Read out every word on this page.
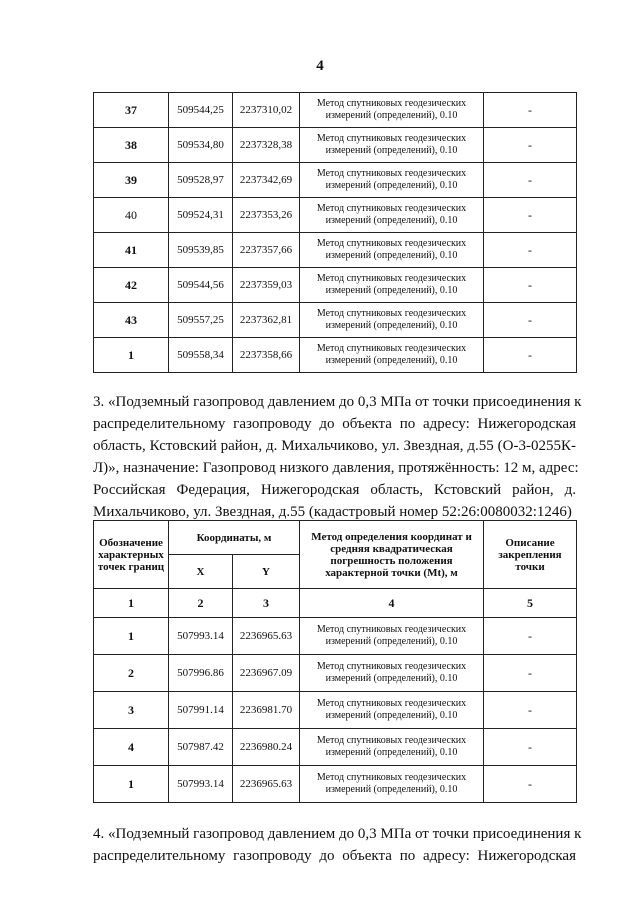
4
37	509544,25	2237310,02	Метод спутниковых геодезических измерений (определений), 0.10	-
38	509534,80	2237328,38	Метод спутниковых геодезических измерений (определений), 0.10	-
39	509528,97	2237342,69	Метод спутниковых геодезических измерений (определений), 0.10	-
40	509524,31	2237353,26	Метод спутниковых геодезических измерений (определений), 0.10	-
41	509539,85	2237357,66	Метод спутниковых геодезических измерений (определений), 0.10	-
42	509544,56	2237359,03	Метод спутниковых геодезических измерений (определений), 0.10	-
43	509557,25	2237362,81	Метод спутниковых геодезических измерений (определений), 0.10	-
1	509558,34	2237358,66	Метод спутниковых геодезических измерений (определений), 0.10	-
3. «Подземный газопровод давлением до 0,3 МПа от точки присоединения к
распределительному газопроводу до объекта по адресу: Нижегородская
область, Кстовский район, д. Михальчиково, ул. Звездная, д.55 (О-3-0255К-
Л)», назначение: Газопровод низкого давления, протяжённость: 12 м, адрес:
Российская Федерация, Нижегородская область, Кстовский район, д.
Михальчиково, ул. Звездная, д.55 (кадастровый номер 52:26:0080032:1246)
Обозначение характерных точек границ	Координаты, м		Метод определения координат и средняя квадратическая погрешность положения характерной точки (Мt), м	Описание закрепления точки
	X	Y		
1	2	3	4	5
1	507993.14	2236965.63	Метод спутниковых геодезических измерений (определений), 0.10	-
2	507996.86	2236967.09	Метод спутниковых геодезических измерений (определений), 0.10	-
3	507991.14	2236981.70	Метод спутниковых геодезических измерений (определений), 0.10	-
4	507987.42	2236980.24	Метод спутниковых геодезических измерений (определений), 0.10	-
1	507993.14	2236965.63	Метод спутниковых геодезических измерений (определений), 0.10	-
4. «Подземный газопровод давлением до 0,3 МПа от точки присоединения к
распределительному газопроводу до объекта по адресу: Нижегородская
